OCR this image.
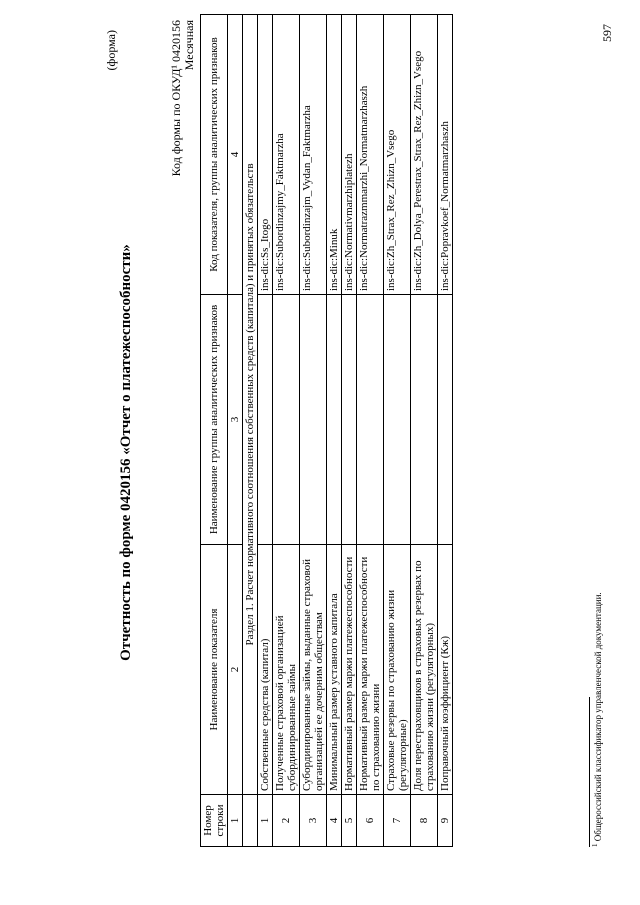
(форма)
Отчетность по форме 0420156 «Отчет о платежеспособности»
Код формы по ОКУД¹ 0420156 Месячная
Номер строки	Наименование показателя	Наименование группы аналитических признаков	Код показателя, группы аналитических признаков
1	2	3	4
	Раздел 1. Расчет нормативного соотношения собственных средств (капитала) и принятых обязательств		
1	Собственные средства (капитал)		ins-dic:Ss_Itogo
2	Полученные страховой организацией субординированные займы		ins-dic:Subordinzajmy_Faktmarzha
3	Субординированные займы, выданные страховой организацией ее дочерним обществам		ins-dic:Subordinzajm_Vydan_Faktmarzha
4	Минимальный размер уставного капитала		ins-dic:Minuk
5	Нормативный размер маржи платежеспособности		ins-dic:Normativmarzhiplatezh
6	Нормативный размер маржи платежеспособности по страхованию жизни		ins-dic:Normatrazmmarzhi_Normatmarzhaszh
7	Страховые резервы по страхованию жизни (регуляторные)		ins-dic:Zh_Strax_Rez_Zhizn_Vsego
8	Доля перестраховщиков в страховых резервах по страхованию жизни (регуляторных)		ins-dic:Zh_Dolya_Perestrax_Strax_Rez_Zhizn_Vsego
9	Поправочный коэффициент (Кж)		ins-dic:Popravkoef_Normatmarzhaszh
$^1$ Общероссийский классификатор управленческой документации.
597
